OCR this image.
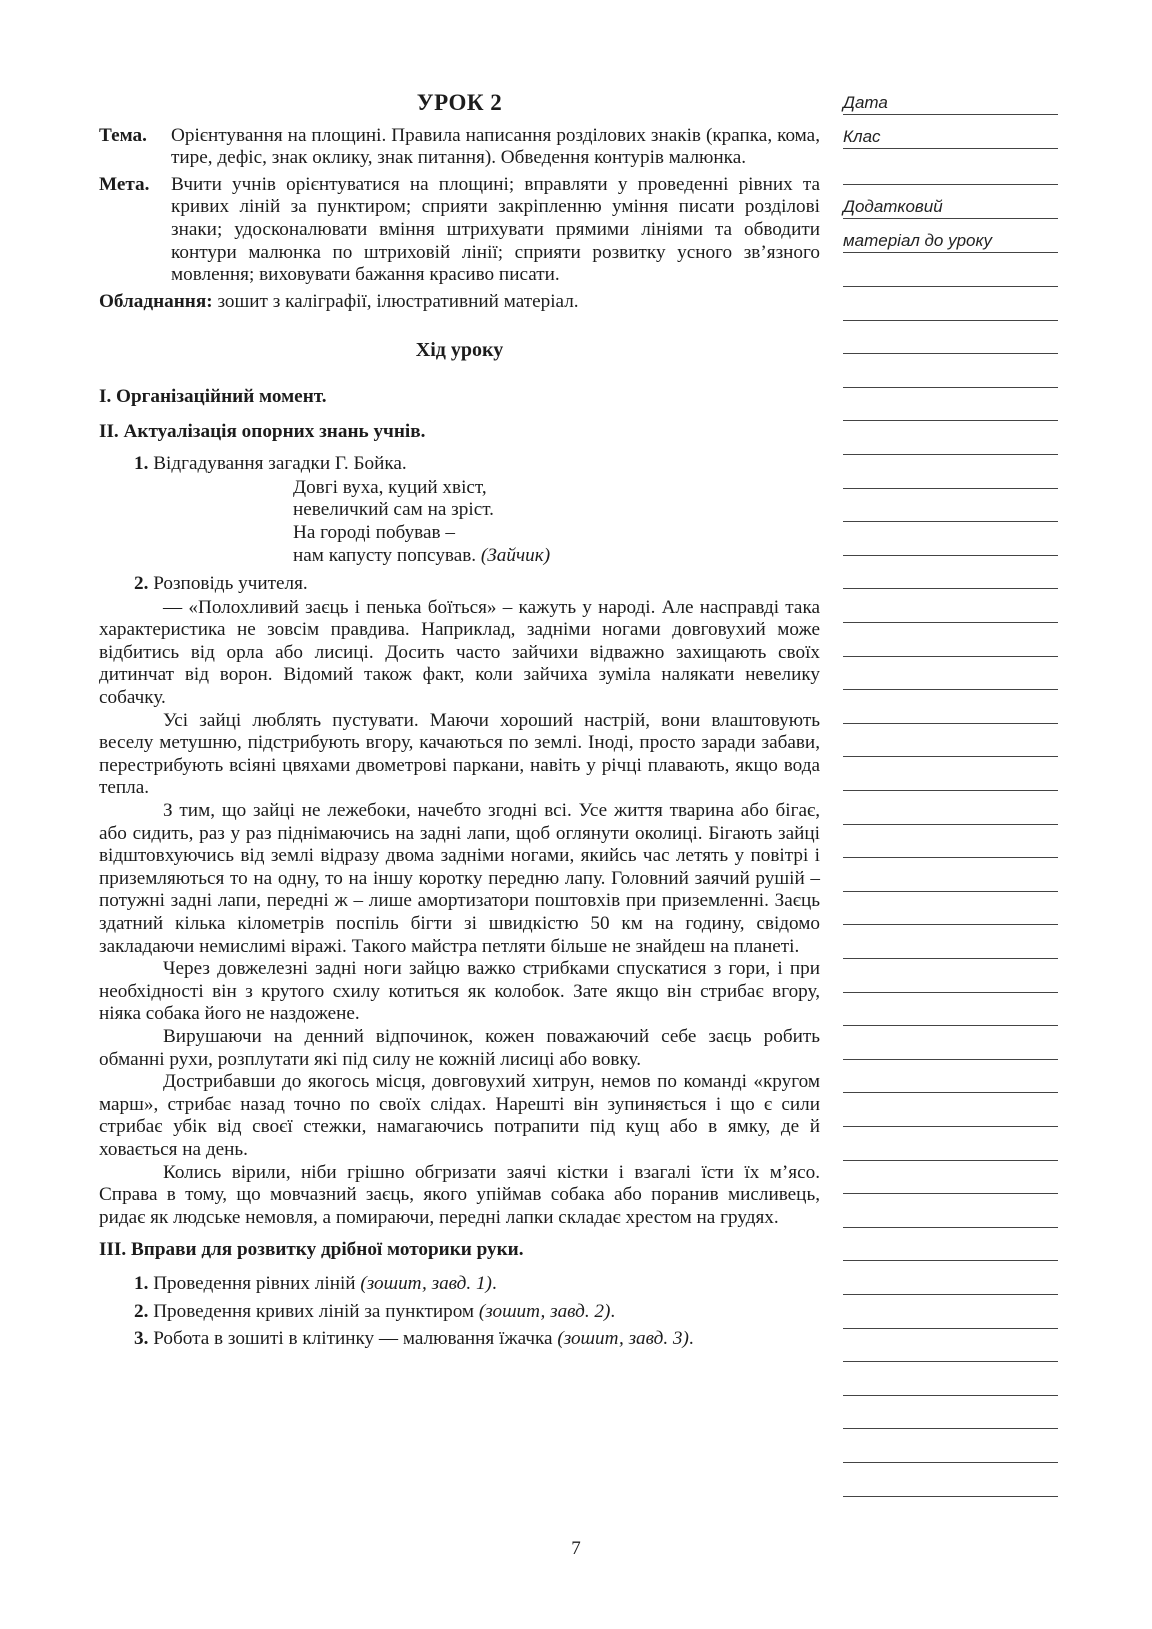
УРОК 2
Тема.	Орієнтування на площині. Правила написання розділових знаків (крапка, кома, тире, дефіс, знак оклику, знак питання). Обведення контурів малюнка.
Мета.	Вчити учнів орієнтуватися на площині; вправляти у проведенні рівних та кривих ліній за пунктиром; сприяти закріпленню уміння писати розділові знаки; удосконалювати вміння штрихувати прямими лініями та обводити контури малюнка по штриховій лінії; сприяти розвитку усного зв’язного мовлення; виховувати бажання красиво писати.
Обладнання: зошит з каліграфії, ілюстративний матеріал.
Хід уроку
I. Організаційний момент.
II. Актуалізація опорних знань учнів.
1. Відгадування загадки Г. Бойка.
Довгі вуха, куций хвіст,
невеличкий сам на зріст.
На городі побував –
нам капусту попсував. (Зайчик)
2. Розповідь учителя.
— «Полохливий заєць і пенька боїться» – кажуть у народі. Але насправді така характеристика не зовсім правдива. Наприклад, задніми ногами довговухий може відбитись від орла або лисиці. Досить часто зайчихи відважно захищають своїх дитинчат від ворон. Відомий також факт, коли зайчиха зуміла налякати невелику собачку.
Усі зайці люблять пустувати. Маючи хороший настрій, вони влаштовують веселу метушню, підстрибують вгору, качаються по землі. Іноді, просто заради забави, перестрибують всіяні цвяхами двометрові паркани, навіть у річці плавають, якщо вода тепла.
З тим, що зайці не лежебоки, начебто згодні всі. Усе життя тварина або бігає, або сидить, раз у раз піднімаючись на задні лапи, щоб оглянути околиці. Бігають зайці відштовхуючись від землі відразу двома задніми ногами, якийсь час летять у повітрі і приземляються то на одну, то на іншу коротку передню лапу. Головний заячий рушій – потужні задні лапи, передні ж – лише амортизатори поштовхів при приземленні. Заєць здатний кілька кілометрів поспіль бігти зі швидкістю 50 км на годину, свідомо закладаючи немислимі віражі. Такого майстра петляти більше не знайдеш на планеті.
Через довжелезні задні ноги зайцю важко стрибками спускатися з гори, і при необхідності він з крутого схилу котиться як колобок. Зате якщо він стрибає вгору, ніяка собака його не наздожене.
Вирушаючи на денний відпочинок, кожен поважаючий себе заєць робить обманні рухи, розплутати які під силу не кожній лисиці або вовку.
Дострибавши до якогось місця, довговухий хитрун, немов по команді «кругом марш», стрибає назад точно по своїх слідах. Нарешті він зупиняється і що є сили стрибає убік від своєї стежки, намагаючись потрапити під кущ або в ямку, де й ховається на день.
Колись вірили, ніби грішно обгризати заячі кістки і взагалі їсти їх м’ясо. Справа в тому, що мовчазний заєць, якого упіймав собака або поранив мисливець, ридає як людське немовля, а помираючи, передні лапки складає хрестом на грудях.
III. Вправи для розвитку дрібної моторики руки.
1. Проведення рівних ліній (зошит, завд. 1).
2. Проведення кривих ліній за пунктиром (зошит, завд. 2).
3. Робота в зошиті в клітинку — малювання їжачка (зошит, завд. 3).
Дата
Клас
Додатковий
матеріал до уроку
7
